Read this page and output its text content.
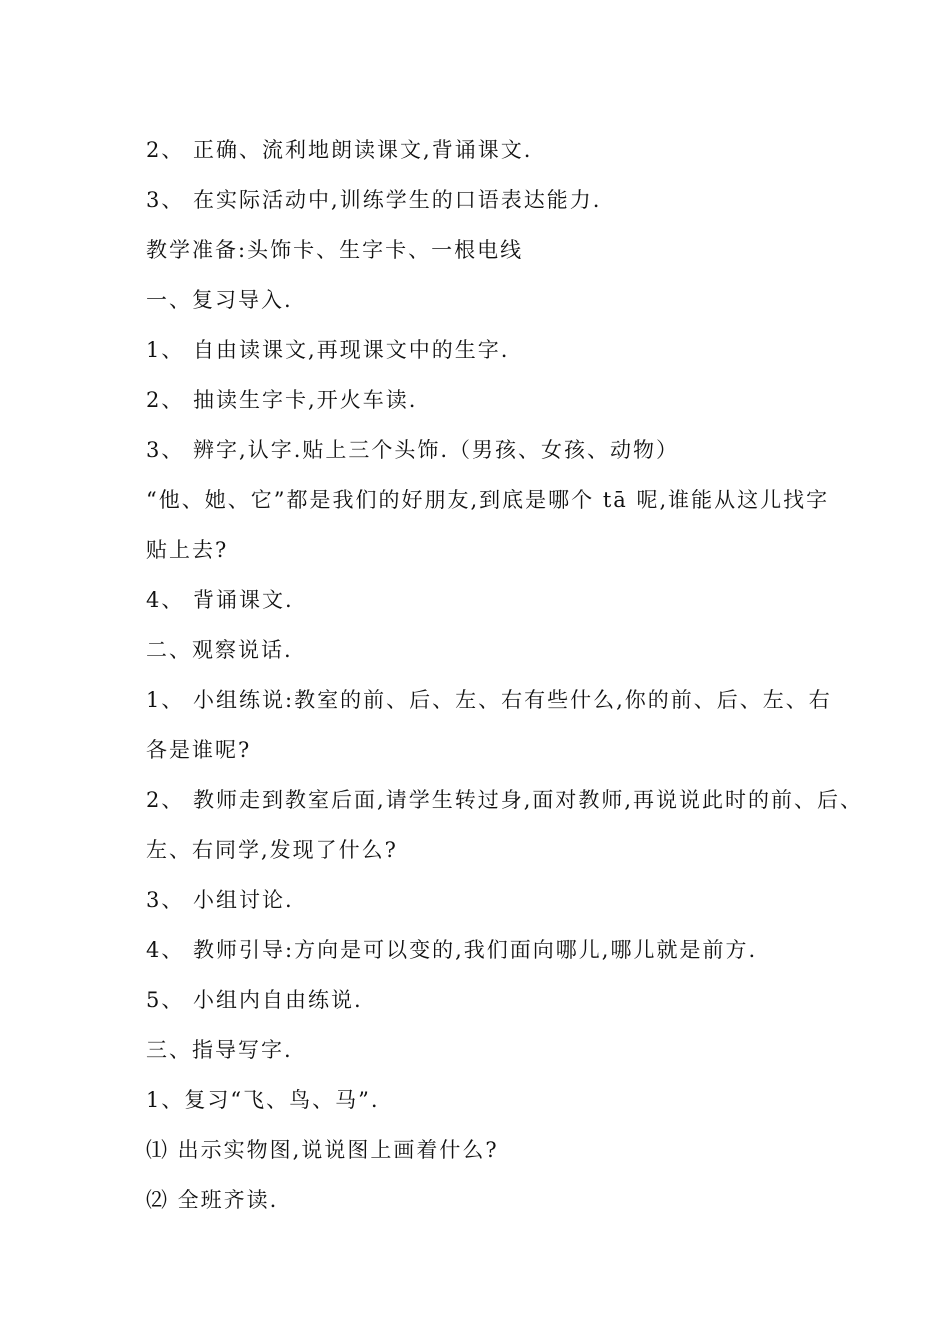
2、 正确、流利地朗读课文,背诵课文.
3、 在实际活动中,训练学生的口语表达能力.
教学准备:头饰卡、生字卡、一根电线
一、复习导入.
1、 自由读课文,再现课文中的生字.
2、 抽读生字卡,开火车读.
3、 辨字,认字.贴上三个头饰.（男孩、女孩、动物）
“他、她、它”都是我们的好朋友,到底是哪个 tā 呢,谁能从这儿找字
贴上去?
4、 背诵课文.
二、观察说话.
1、 小组练说:教室的前、后、左、右有些什么,你的前、后、左、右
各是谁呢?
2、 教师走到教室后面,请学生转过身,面对教师,再说说此时的前、后、
左、右同学,发现了什么?
3、 小组讨论.
4、 教师引导:方向是可以变的,我们面向哪儿,哪儿就是前方.
5、 小组内自由练说.
三、指导写字.
1、复习“飞、鸟、马”.
⑴ 出示实物图,说说图上画着什么?
⑵ 全班齐读.
